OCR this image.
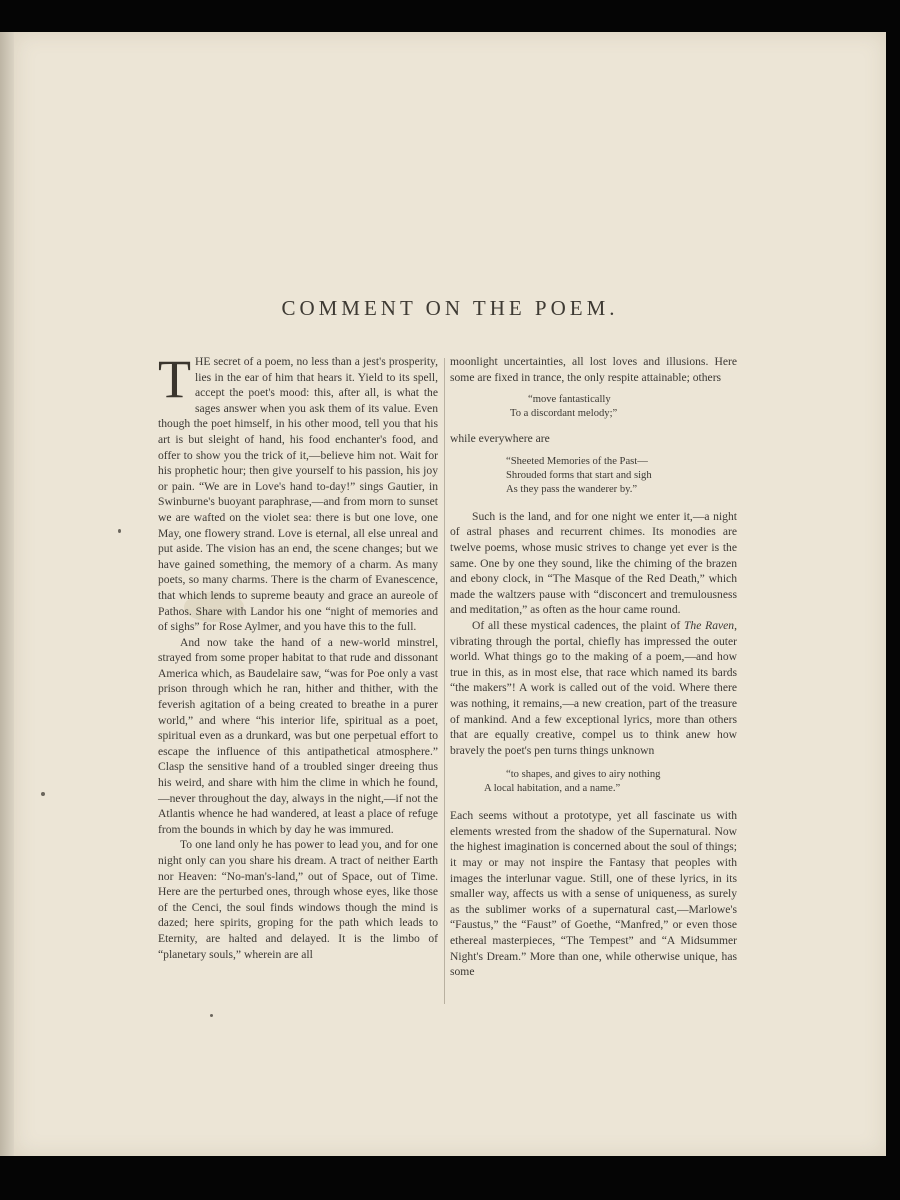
COMMENT ON THE POEM.

THE secret of a poem, no less than a jest's prosperity, lies in the ear of him that hears it. Yield to its spell, accept the poet's mood: this, after all, is what the sages answer when you ask them of its value. Even though the poet himself, in his other mood, tell you that his art is but sleight of hand, his food enchanter's food, and offer to show you the trick of it,—believe him not. Wait for his prophetic hour; then give yourself to his passion, his joy or pain. “We are in Love's hand to-day!” sings Gautier, in Swinburne's buoyant paraphrase,—and from morn to sunset we are wafted on the violet sea: there is but one love, one May, one flowery strand. Love is eternal, all else unreal and put aside. The vision has an end, the scene changes; but we have gained something, the memory of a charm. As many poets, so many charms. There is the charm of Evanescence, that which lends to supreme beauty and grace an aureole of Pathos. Share with Landor his one “night of memories and of sighs” for Rose Aylmer, and you have this to the full.

And now take the hand of a new-world minstrel, strayed from some proper habitat to that rude and dissonant America which, as Baudelaire saw, “was for Poe only a vast prison through which he ran, hither and thither, with the feverish agitation of a being created to breathe in a purer world,” and where “his interior life, spiritual as a poet, spiritual even as a drunkard, was but one perpetual effort to escape the influence of this antipathetical atmosphere.” Clasp the sensitive hand of a troubled singer dreeing thus his weird, and share with him the clime in which he found,—never throughout the day, always in the night,—if not the Atlantis whence he had wandered, at least a place of refuge from the bounds in which by day he was immured.

To one land only he has power to lead you, and for one night only can you share his dream. A tract of neither Earth nor Heaven: “No-man's-land,” out of Space, out of Time. Here are the perturbed ones, through whose eyes, like those of the Cenci, the soul finds windows though the mind is dazed; here spirits, groping for the path which leads to Eternity, are halted and delayed. It is the limbo of “planetary souls,” wherein are all

moonlight uncertainties, all lost loves and illusions. Here some are fixed in trance, the only respite attainable; others

“move fantastically
To a discordant melody;”

while everywhere are

“Sheeted Memories of the Past—
Shrouded forms that start and sigh
As they pass the wanderer by.”

Such is the land, and for one night we enter it,—a night of astral phases and recurrent chimes. Its monodies are twelve poems, whose music strives to change yet ever is the same. One by one they sound, like the chiming of the brazen and ebony clock, in “The Masque of the Red Death,” which made the waltzers pause with “disconcert and tremulousness and meditation,” as often as the hour came round.

Of all these mystical cadences, the plaint of The Raven, vibrating through the portal, chiefly has impressed the outer world. What things go to the making of a poem,—and how true in this, as in most else, that race which named its bards “the makers”! A work is called out of the void. Where there was nothing, it remains,—a new creation, part of the treasure of mankind. And a few exceptional lyrics, more than others that are equally creative, compel us to think anew how bravely the poet's pen turns things unknown

“to shapes, and gives to airy nothing
A local habitation, and a name.”

Each seems without a prototype, yet all fascinate us with elements wrested from the shadow of the Supernatural. Now the highest imagination is concerned about the soul of things; it may or may not inspire the Fantasy that peoples with images the interlunar vague. Still, one of these lyrics, in its smaller way, affects us with a sense of uniqueness, as surely as the sublimer works of a supernatural cast,—Marlowe's “Faustus,” the “Faust” of Goethe, “Manfred,” or even those ethereal masterpieces, “The Tempest” and “A Midsummer Night's Dream.” More than one, while otherwise unique, has some
